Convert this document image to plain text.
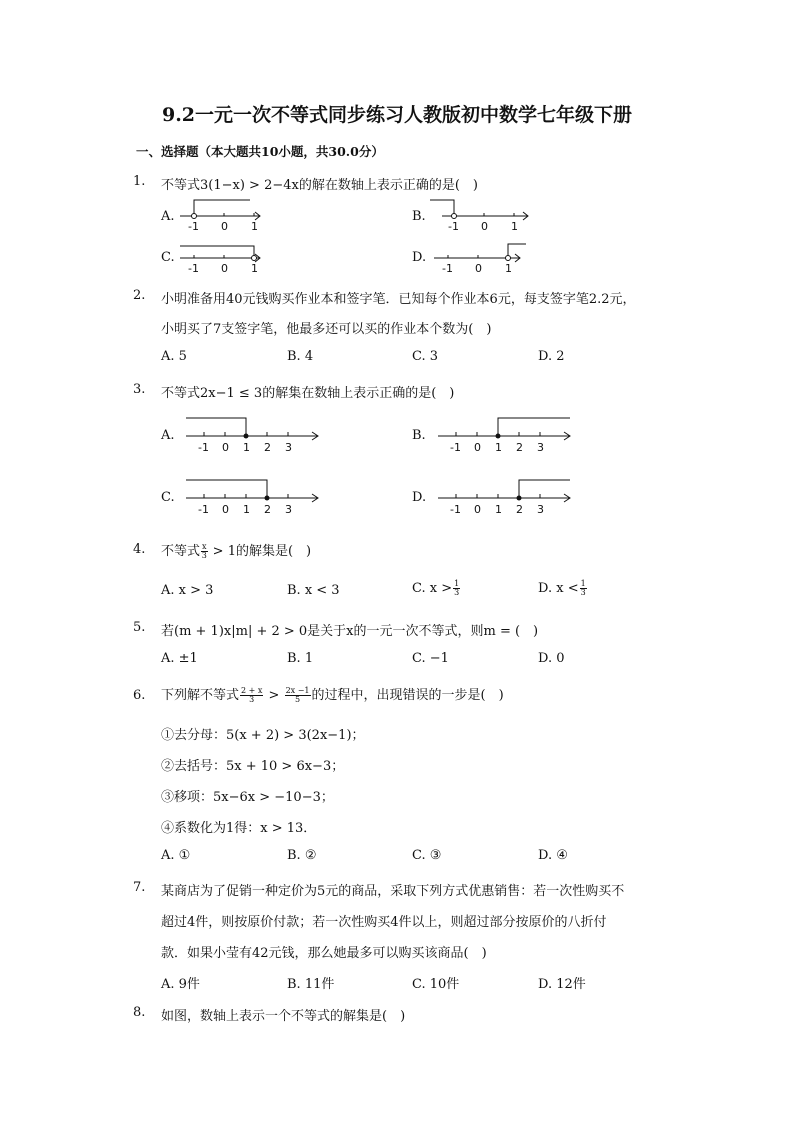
9.2一元一次不等式同步练习人教版初中数学七年级下册
一、选择题（本大题共10小题，共30.0分）
1. 不等式3(1−x) > 2−4x的解在数轴上表示正确的是(　)
A.	B.
C.	D.
-1 0 1	-1 0 1
-1 0 1	-1 0 1
2. 小明准备用40元钱购买作业本和签字笔．已知每个作业本6元，每支签字笔2.2元，
小明买了7支签字笔，他最多还可以买的作业本个数为(　)
A. 5	B. 4	C. 3	D. 2
3. 不等式2x−1 ≤ 3的解集在数轴上表示正确的是(　)
A.	B.
C.	D.
-1 0 1 2 3	-1 0 1 2 3
-1 0 1 2 3	-1 0 1 2 3
4. 不等式 $\frac{x}{3} > 1$的解集是(　)
A. x > 3	B. x < 3	C. $x > \frac{1}{3}$	D. $x < \frac{1}{3}$
5. 若(m + 1)x|m| + 2 > 0是关于x的一元一次不等式，则m = (　)
A. ±1	B. 1	C. −1	D. 0
6. 下列解不等式 $\frac{2 + x}{3} > \frac{2x -1}{5}$ 的过程中，出现错误的一步是(　)
①去分母：5(x + 2) > 3(2x−1)；
②去括号：5x + 10 > 6x−3；
③移项：5x−6x > −10−3；
④系数化为1得：x > 13．
A. ①	B. ②	C. ③	D. ④
7. 某商店为了促销一种定价为5元的商品，采取下列方式优惠销售：若一次性购买不
超过4件，则按原价付款；若一次性购买4件以上，则超过部分按原价的八折付
款．如果小莹有42元钱，那么她最多可以购买该商品(　)
A. 9件	B. 11件	C. 10件	D. 12件
8. 如图，数轴上表示一个不等式的解集是(　)
